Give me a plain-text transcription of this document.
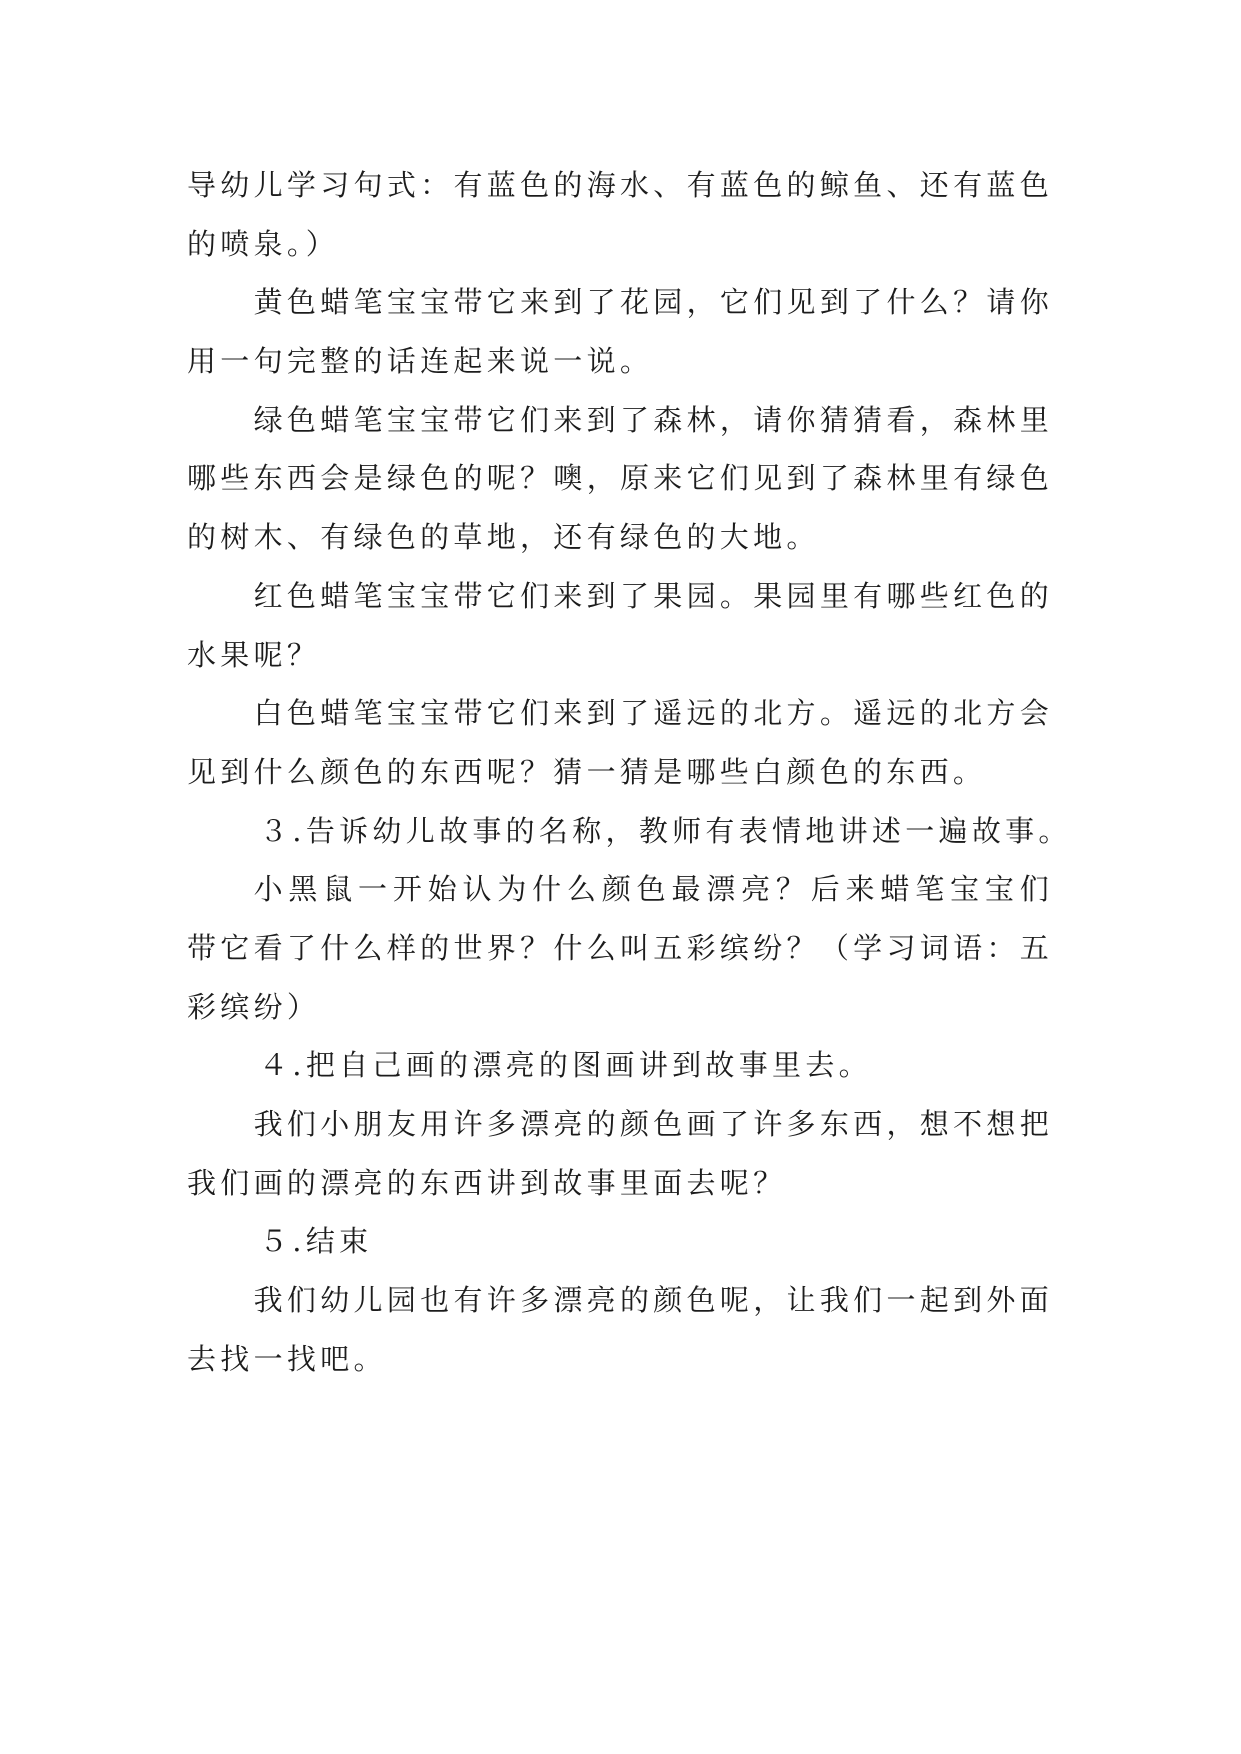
导幼儿学习句式：有蓝色的海水、有蓝色的鲸鱼、还有蓝色
的喷泉。）
黄色蜡笔宝宝带它来到了花园，它们见到了什么？请你
用一句完整的话连起来说一说。
绿色蜡笔宝宝带它们来到了森林，请你猜猜看，森林里
哪些东西会是绿色的呢？噢，原来它们见到了森林里有绿色
的树木、有绿色的草地，还有绿色的大地。
红色蜡笔宝宝带它们来到了果园。果园里有哪些红色的
水果呢？
白色蜡笔宝宝带它们来到了遥远的北方。遥远的北方会
见到什么颜色的东西呢？猜一猜是哪些白颜色的东西。
３.告诉幼儿故事的名称，教师有表情地讲述一遍故事。
小黑鼠一开始认为什么颜色最漂亮？后来蜡笔宝宝们
带它看了什么样的世界？什么叫五彩缤纷？（学习词语：五
彩缤纷）
４.把自己画的漂亮的图画讲到故事里去。
我们小朋友用许多漂亮的颜色画了许多东西，想不想把
我们画的漂亮的东西讲到故事里面去呢？
５.结束
我们幼儿园也有许多漂亮的颜色呢，让我们一起到外面
去找一找吧。
